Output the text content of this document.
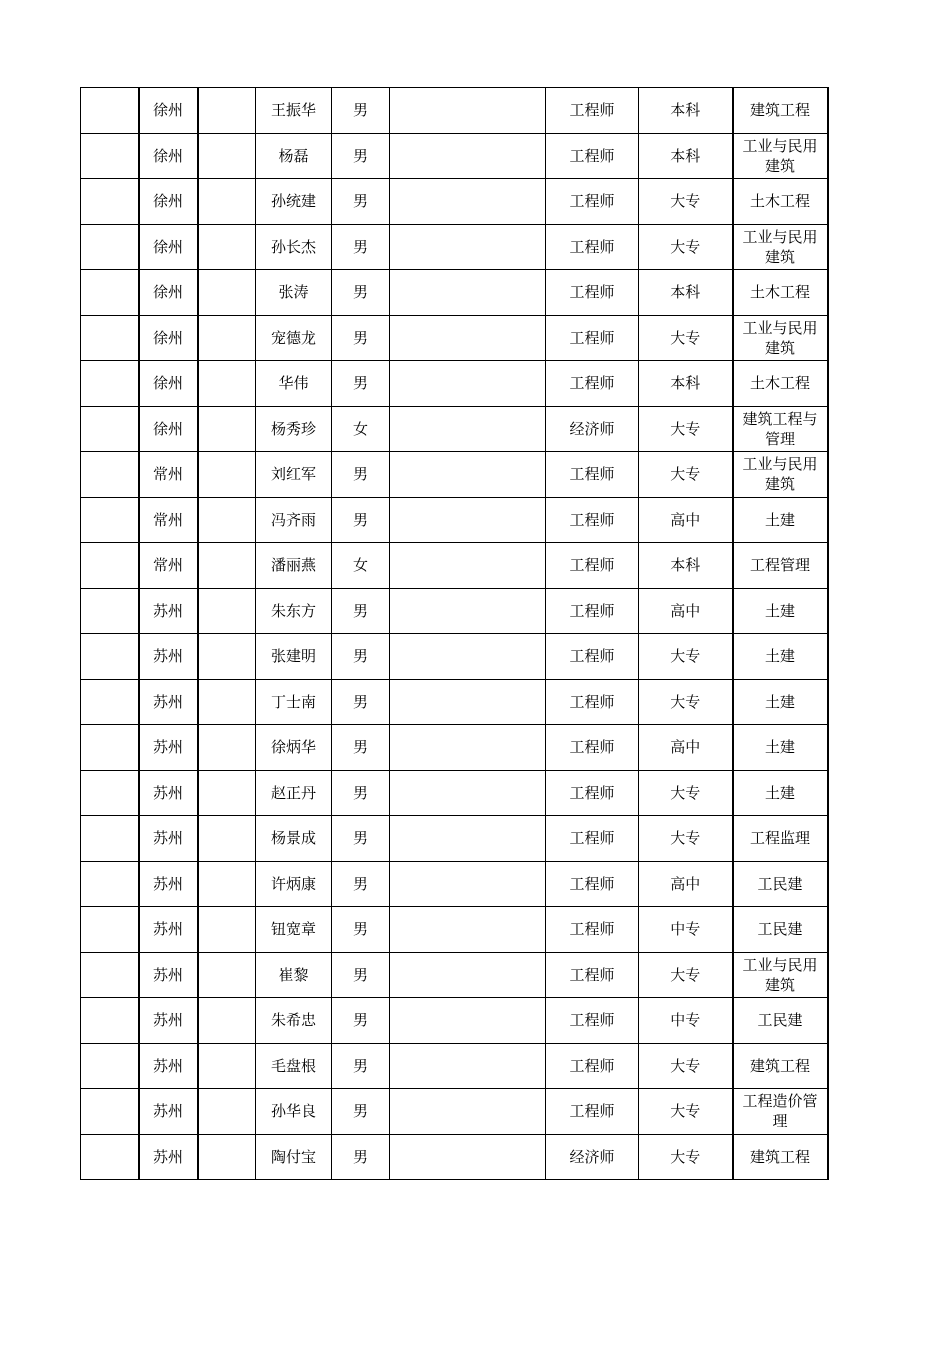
	徐州		王振华	男		工程师	本科	建筑工程
	徐州		杨磊	男		工程师	本科	工业与民用建筑
	徐州		孙统建	男		工程师	大专	土木工程
	徐州		孙长杰	男		工程师	大专	工业与民用建筑
	徐州		张涛	男		工程师	本科	土木工程
	徐州		宠德龙	男		工程师	大专	工业与民用建筑
	徐州		华伟	男		工程师	本科	土木工程
	徐州		杨秀珍	女		经济师	大专	建筑工程与管理
	常州		刘红军	男		工程师	大专	工业与民用建筑
	常州		冯齐雨	男		工程师	高中	土建
	常州		潘丽燕	女		工程师	本科	工程管理
	苏州		朱东方	男		工程师	高中	土建
	苏州		张建明	男		工程师	大专	土建
	苏州		丁士南	男		工程师	大专	土建
	苏州		徐炳华	男		工程师	高中	土建
	苏州		赵正丹	男		工程师	大专	土建
	苏州		杨景成	男		工程师	大专	工程监理
	苏州		许炳康	男		工程师	高中	工民建
	苏州		钮宽章	男		工程师	中专	工民建
	苏州		崔黎	男		工程师	大专	工业与民用建筑
	苏州		朱希忠	男		工程师	中专	工民建
	苏州		毛盘根	男		工程师	大专	建筑工程
	苏州		孙华良	男		工程师	大专	工程造价管理
	苏州		陶付宝	男		经济师	大专	建筑工程
